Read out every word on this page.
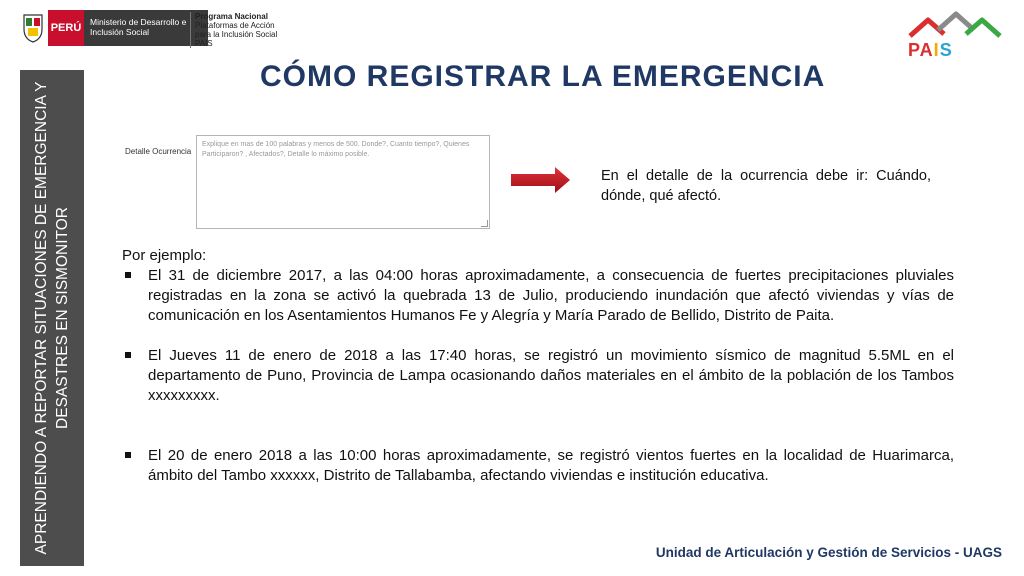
PERÚ	Ministerio de Desarrollo e Inclusión Social
Programa Nacional
Plataformas de Acción
para la Inclusión Social
PAIS	PAIS
CÓMO REGISTRAR LA EMERGENCIA
APRENDIENDO A REPORTAR SITUACIONES DE EMERGENCIA Y DESASTRES EN SISMONITOR
Detalle Ocurrencia
Explique en mas de 100 palabras y menos de 500. Donde?, Cuanto tiempo?, Quienes Participaron? , Afectados?, Detalle lo máximo posible.
En el detalle de la ocurrencia debe ir: Cuándo, dónde, qué afectó.
Por ejemplo:
El 31 de diciembre 2017, a las 04:00 horas aproximadamente, a consecuencia de fuertes precipitaciones pluviales registradas en la zona se activó la quebrada 13 de Julio, produciendo inundación que afectó viviendas y vías de comunicación en los Asentamientos Humanos Fe y Alegría y María Parado de Bellido, Distrito de Paita.
El Jueves 11 de enero de 2018 a las 17:40 horas, se registró un movimiento sísmico de magnitud 5.5ML en el departamento de Puno, Provincia de Lampa ocasionando daños materiales en el ámbito de la población de los Tambos xxxxxxxxx.
El 20 de enero 2018 a las 10:00 horas aproximadamente, se registró vientos fuertes en la localidad de Huarimarca, ámbito del Tambo xxxxxx, Distrito de Tallabamba, afectando viviendas e institución educativa.
Unidad de Articulación y Gestión de Servicios - UAGS
